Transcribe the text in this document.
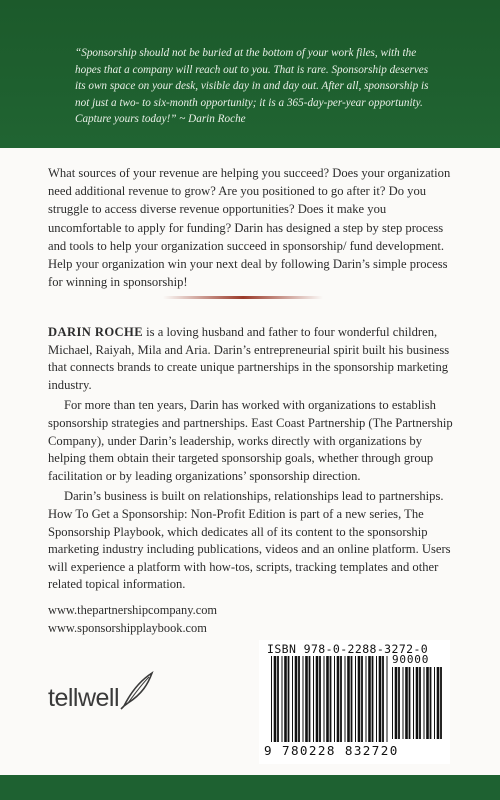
“Sponsorship should not be buried at the bottom of your work files, with the hopes that a company will reach out to you. That is rare. Sponsorship deserves its own space on your desk, visible day in and day out. After all, sponsorship is not just a two- to six-month opportunity; it is a 365-day-per-year opportunity. Capture yours today!” ~ Darin Roche
What sources of your revenue are helping you succeed? Does your organization need additional revenue to grow? Are you positioned to go after it? Do you struggle to access diverse revenue opportunities? Does it make you uncomfortable to apply for funding? Darin has designed a step by step process and tools to help your organization succeed in sponsorship/ fund development. Help your organization win your next deal by following Darin’s simple process for winning in sponsorship!

DARIN ROCHE is a loving husband and father to four wonderful children, Michael, Raiyah, Mila and Aria. Darin’s entrepreneurial spirit built his business that connects brands to create unique partnerships in the sponsorship marketing industry.

For more than ten years, Darin has worked with organizations to establish sponsorship strategies and partnerships. East Coast Partnership (The Partnership Company), under Darin’s leadership, works directly with organizations by helping them obtain their targeted sponsorship goals, whether through group facilitation or by leading organizations’ sponsorship direction.

Darin’s business is built on relationships, relationships lead to partnerships. How To Get a Sponsorship: Non-Profit Edition is part of a new series, The Sponsorship Playbook, which dedicates all of its content to the sponsorship marketing industry including publications, videos and an online platform. Users will experience a platform with how-tos, scripts, tracking templates and other related topical information.

www.thepartnershipcompany.com
www.sponsorshipplaybook.com
tellwell
ISBN 978-0-2288-3272-0
90000
9 780228 832720
